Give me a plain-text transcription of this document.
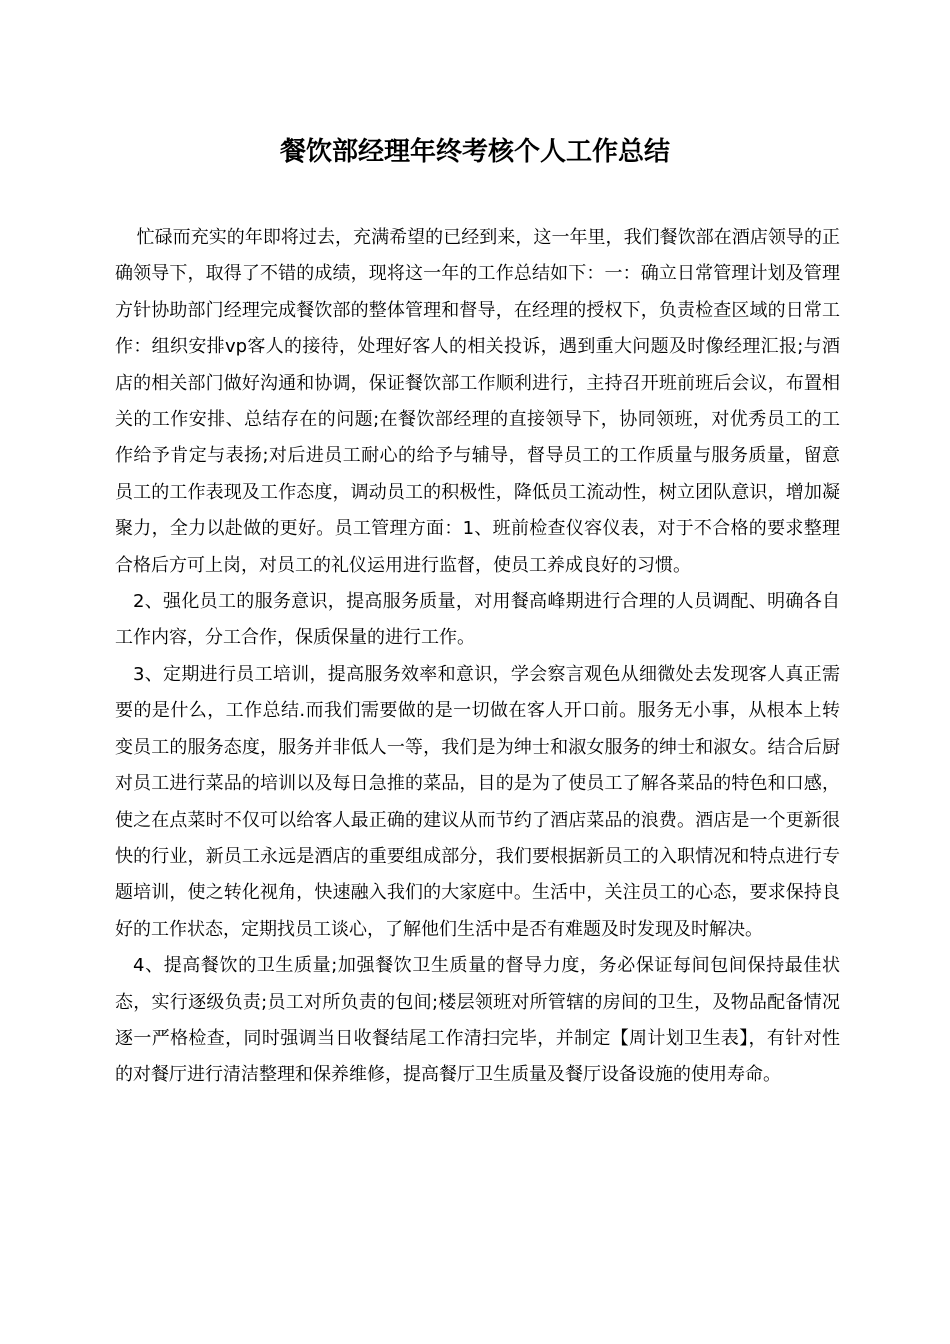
餐饮部经理年终考核个人工作总结

忙碌而充实的年即将过去，充满希望的已经到来，这一年里，我们餐饮部在酒店领导的正确领导下，取得了不错的成绩，现将这一年的工作总结如下：一：确立日常管理计划及管理方针协助部门经理完成餐饮部的整体管理和督导，在经理的授权下，负责检查区域的日常工作：组织安排vp客人的接待，处理好客人的相关投诉，遇到重大问题及时像经理汇报;与酒店的相关部门做好沟通和协调，保证餐饮部工作顺利进行，主持召开班前班后会议，布置相关的工作安排、总结存在的问题;在餐饮部经理的直接领导下，协同领班，对优秀员工的工作给予肯定与表扬;对后进员工耐心的给予与辅导，督导员工的工作质量与服务质量，留意员工的工作表现及工作态度，调动员工的积极性，降低员工流动性，树立团队意识，增加凝聚力，全力以赴做的更好。员工管理方面：1、班前检查仪容仪表，对于不合格的要求整理合格后方可上岗，对员工的礼仪运用进行监督，使员工养成良好的习惯。

2、强化员工的服务意识，提高服务质量，对用餐高峰期进行合理的人员调配、明确各自工作内容，分工合作，保质保量的进行工作。

3、定期进行员工培训，提高服务效率和意识，学会察言观色从细微处去发现客人真正需要的是什么，工作总结.而我们需要做的是一切做在客人开口前。服务无小事，从根本上转变员工的服务态度，服务并非低人一等，我们是为绅士和淑女服务的绅士和淑女。结合后厨对员工进行菜品的培训以及每日急推的菜品，目的是为了使员工了解各菜品的特色和口感，使之在点菜时不仅可以给客人最正确的建议从而节约了酒店菜品的浪费。酒店是一个更新很快的行业，新员工永远是酒店的重要组成部分，我们要根据新员工的入职情况和特点进行专题培训，使之转化视角，快速融入我们的大家庭中。生活中，关注员工的心态，要求保持良好的工作状态，定期找员工谈心，了解他们生活中是否有难题及时发现及时解决。

4、提高餐饮的卫生质量;加强餐饮卫生质量的督导力度，务必保证每间包间保持最佳状态，实行逐级负责;员工对所负责的包间;楼层领班对所管辖的房间的卫生，及物品配备情况逐一严格检查，同时强调当日收餐结尾工作清扫完毕，并制定【周计划卫生表】，有针对性的对餐厅进行清洁整理和保养维修，提高餐厅卫生质量及餐厅设备设施的使用寿命。
